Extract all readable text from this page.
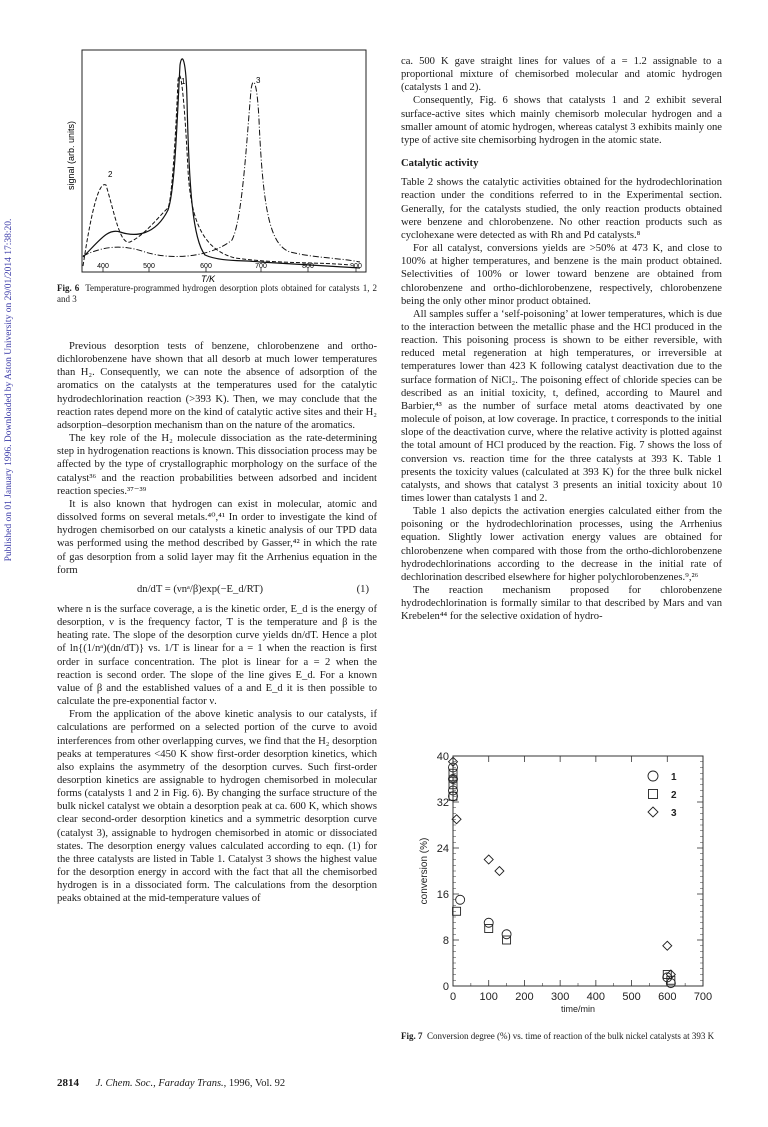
Published on 01 January 1996. Downloaded by Aston University on 29/01/2014 17:38:20.
1
2
3
signal (arb. units)
400	500	600	700	800	900
T/K
Fig. 6 Temperature-programmed hydrogen desorption plots obtained for catalysts 1, 2 and 3

Previous desorption tests of benzene, chlorobenzene and ortho-dichlorobenzene have shown that all desorb at much lower temperatures than H₂. Consequently, we can note the absence of adsorption of the aromatics on the catalysts at the temperatures used for the catalytic hydrodechlorination reaction (>393 K). Then, we may conclude that the reaction rates depend more on the kind of catalytic active sites and their H₂ adsorption–desorption mechanism than on the nature of the aromatics.

The key role of the H₂ molecule dissociation as the rate-determining step in hydrogenation reactions is known. This dissociation process may be affected by the type of crystallographic morphology on the surface of the catalyst³⁶ and the reaction probabilities between adsorbed and incident reaction species.³⁷⁻³⁹

It is also known that hydrogen can exist in molecular, atomic and dissolved forms on several metals.⁴⁰,⁴¹ In order to investigate the kind of hydrogen chemisorbed on our catalysts a kinetic analysis of our TPD data was performed using the method described by Gasser,⁴² in which the rate of gas desorption from a solid layer may fit the Arrhenius equation in the form

dn/dT = (νnᵃ/β)exp(−E_d/RT)	(1)

where n is the surface coverage, a is the kinetic order, E_d is the energy of desorption, ν is the frequency factor, T is the temperature and β is the heating rate. The slope of the desorption curve yields dn/dT. Hence a plot of ln{(1/nᵃ)(dn/dT)} vs. 1/T is linear for a = 1 when the reaction is first order in surface concentration. The plot is linear for a = 2 when the reaction is second order. The slope of the line gives E_d. For a known value of β and the established values of a and E_d it is then possible to calculate the pre-exponential factor ν.

From the application of the above kinetic analysis to our catalysts, if calculations are performed on a selected portion of the curve to avoid interferences from other overlapping curves, we find that the H₂ desorption peaks at temperatures <450 K show first-order desorption kinetics, which also explains the asymmetry of the desorption curves. Such first-order desorption kinetics are assignable to hydrogen chemisorbed in molecular forms (catalysts 1 and 2 in Fig. 6). By changing the surface structure of the bulk nickel catalyst we obtain a desorption peak at ca. 600 K, which shows clear second-order desorption kinetics and a symmetric desorption curve (catalyst 3), assignable to hydrogen chemisorbed in atomic or dissociated states. The desorption energy values calculated according to eqn. (1) for the three catalysts are listed in Table 1. Catalyst 3 shows the highest value for the desorption energy in accord with the fact that all the chemisorbed hydrogen is in a dissociated form. The calculations from the desorption peaks obtained at the mid-temperature values of

ca. 500 K gave straight lines for values of a = 1.2 assignable to a proportional mixture of chemisorbed molecular and atomic hydrogen (catalysts 1 and 2).

Consequently, Fig. 6 shows that catalysts 1 and 2 exhibit several surface-active sites which mainly chemisorb molecular hydrogen and a smaller amount of atomic hydrogen, whereas catalyst 3 exhibits mainly one type of active site chemisorbing hydrogen in the atomic state.

Catalytic activity

Table 2 shows the catalytic activities obtained for the hydrodechlorination reaction under the conditions referred to in the Experimental section. Generally, for the catalysts studied, the only reaction products obtained were benzene and chlorobenzene. No other reaction products such as cyclohexane were detected as with Rh and Pd catalysts.⁸

For all catalyst, conversions yields are >50% at 473 K, and close to 100% at higher temperatures, and benzene is the main product obtained. Selectivities of 100% or lower toward benzene are obtained from chlorobenzene and ortho-dichlorobenzene, respectively, chlorobenzene being the only other minor product obtained.

All samples suffer a ‘self-poisoning’ at lower temperatures, which is due to the interaction between the metallic phase and the HCl produced in the reaction. This poisoning process is shown to be either reversible, with reduced metal regeneration at high temperatures, or irreversible at temperatures lower than 423 K following catalyst deactivation due to the surface formation of NiCl₂. The poisoning effect of chloride species can be described as an initial toxicity, t, defined, according to Maurel and Barbier,⁴³ as the number of surface metal atoms deactivated by one molecule of poison, at low coverage. In practice, t corresponds to the initial slope of the deactivation curve, where the relative activity is plotted against the total amount of HCl produced by the reaction. Fig. 7 shows the loss of conversion vs. reaction time for the three catalysts at 393 K. Table 1 presents the toxicity values (calculated at 393 K) for the three bulk nickel catalysts, and shows that catalyst 3 presents an initial toxicity about 10 times lower than catalysts 1 and 2.

Table 1 also depicts the activation energies calculated either from the poisoning or the hydrodechlorination processes, using the Arrhenius equation. Slightly lower activation energy values are obtained for chlorobenzene when compared with those from the ortho-dichlorobenzene hydrodechlorinations according to the decrease in the initial rate of dechlorination described elsewhere for higher polychlorobenzenes.⁹,²⁶

The reaction mechanism proposed for chlorobenzene hydrodechlorination is formally similar to that described by Mars and van Krebelen⁴⁴ for the selective oxidation of hydro-

0 100 200 300 400 500 600 700
0
8
16
24
32
40
time/min
conversion (%)
1
2
3
Fig. 7 Conversion degree (%) vs. time of reaction of the bulk nickel catalysts at 393 K
2814 J. Chem. Soc., Faraday Trans., 1996, Vol. 92
